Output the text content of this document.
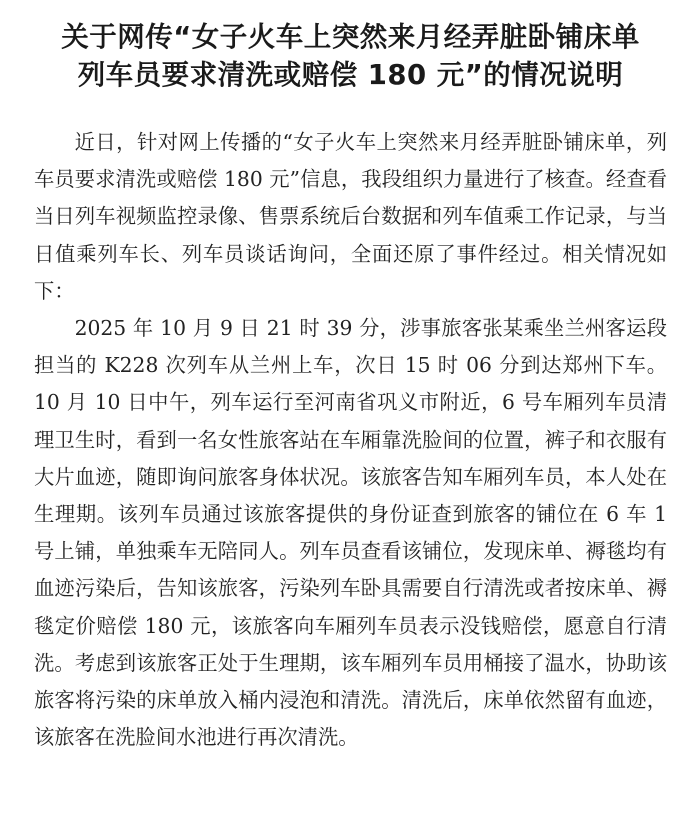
关于网传“女子火车上突然来月经弄脏卧铺床单
列车员要求清洗或赔偿 180 元”的情况说明

近日，针对网上传播的“女子火车上突然来月经弄脏卧铺床单，列车员要求清洗或赔偿 180 元”信息，我段组织力量进行了核查。经查看当日列车视频监控录像、售票系统后台数据和列车值乘工作记录，与当日值乘列车长、列车员谈话询问，全面还原了事件经过。相关情况如下：

2025 年 10 月 9 日 21 时 39 分，涉事旅客张某乘坐兰州客运段担当的 K228 次列车从兰州上车，次日 15 时 06 分到达郑州下车。10 月 10 日中午，列车运行至河南省巩义市附近，6 号车厢列车员清理卫生时，看到一名女性旅客站在车厢靠洗脸间的位置，裤子和衣服有大片血迹，随即询问旅客身体状况。该旅客告知车厢列车员，本人处在生理期。该列车员通过该旅客提供的身份证查到旅客的铺位在 6 车 1 号上铺，单独乘车无陪同人。列车员查看该铺位，发现床单、褥毯均有血迹污染后，告知该旅客，污染列车卧具需要自行清洗或者按床单、褥毯定价赔偿 180 元，该旅客向车厢列车员表示没钱赔偿，愿意自行清洗。考虑到该旅客正处于生理期，该车厢列车员用桶接了温水，协助该旅客将污染的床单放入桶内浸泡和清洗。清洗后，床单依然留有血迹，该旅客在洗脸间水池进行再次清洗。
